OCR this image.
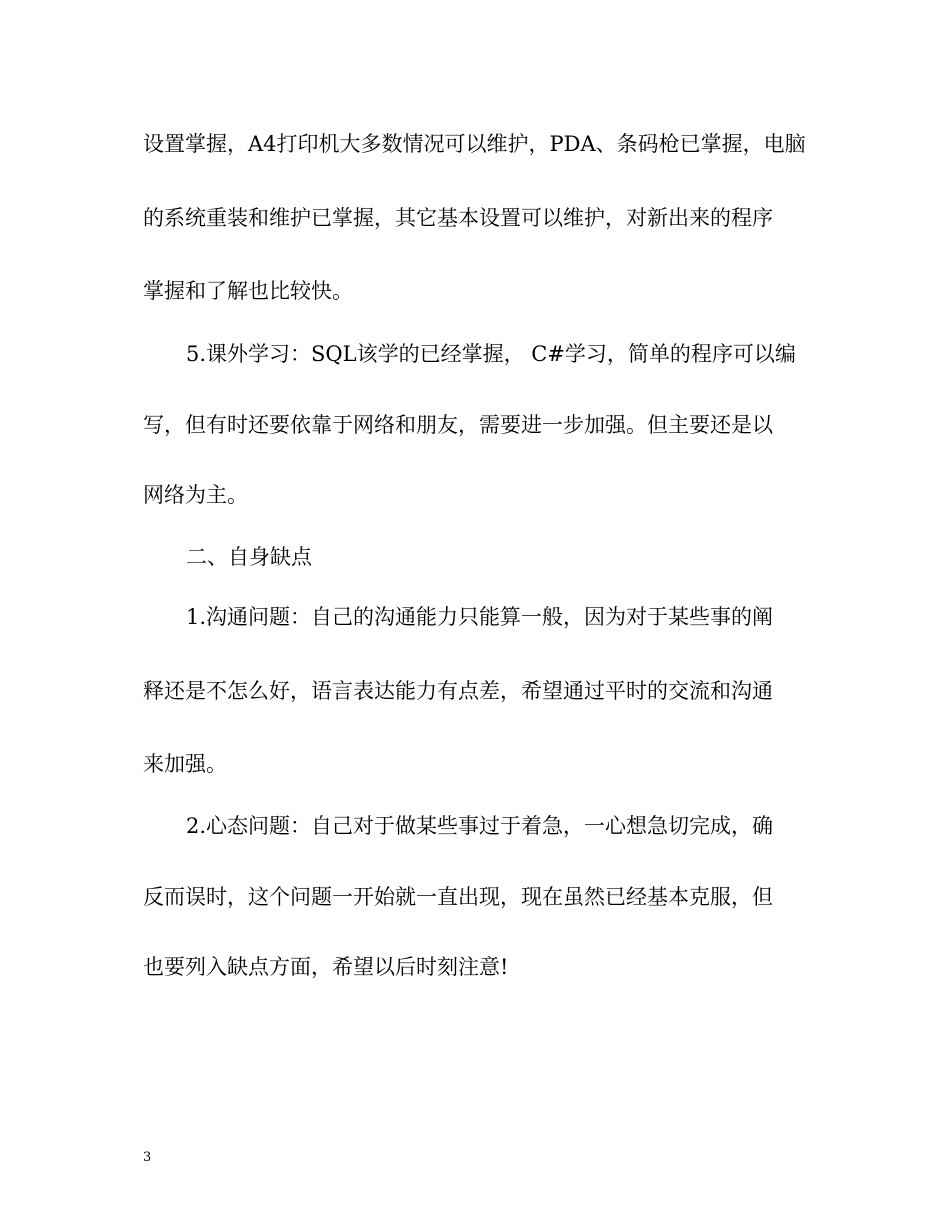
设置掌握，A4打印机大多数情况可以维护，PDA、条码枪已掌握，电脑
的系统重装和维护已掌握，其它基本设置可以维护，对新出来的程序
掌握和了解也比较快。
5.课外学习：SQL该学的已经掌握， C#学习，简单的程序可以编
写，但有时还要依靠于网络和朋友，需要进一步加强。但主要还是以
网络为主。
二、自身缺点
1.沟通问题：自己的沟通能力只能算一般，因为对于某些事的阐
释还是不怎么好，语言表达能力有点差，希望通过平时的交流和沟通
来加强。
2.心态问题：自己对于做某些事过于着急，一心想急切完成，确
反而误时，这个问题一开始就一直出现，现在虽然已经基本克服，但
也要列入缺点方面，希望以后时刻注意!
3
